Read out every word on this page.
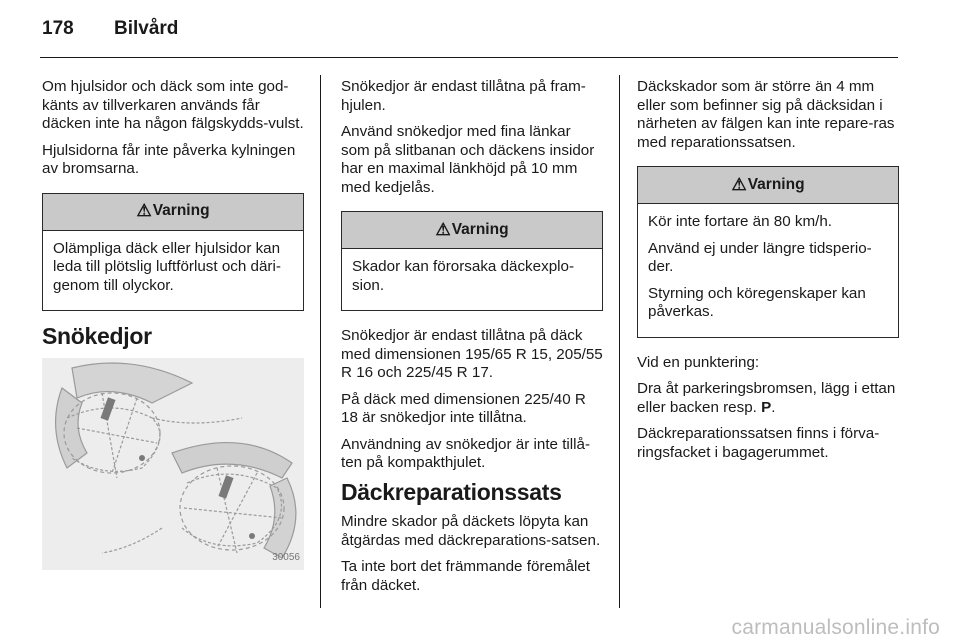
178 Bilvård

Om hjulsidor och däck som inte god-känts av tillverkaren används får däcken inte ha någon fälgskydds-vulst.

Hjulsidorna får inte påverka kylningen av bromsarna.

⚠ Varning

Olämpliga däck eller hjulsidor kan leda till plötslig luftförlust och däri-genom till olyckor.

Snökedjor
30056

Snökedjor är endast tillåtna på fram-hjulen.

Använd snökedjor med fina länkar som på slitbanan och däckens insidor har en maximal länkhöjd på 10 mm med kedjelås.

⚠ Varning

Skador kan förorsaka däckexplo-sion.

Snökedjor är endast tillåtna på däck med dimensionen 195/65 R 15, 205/55 R 16 och 225/45 R 17.

På däck med dimensionen 225/40 R 18 är snökedjor inte tillåtna.

Användning av snökedjor är inte tillå-ten på kompakthjulet.

Däckreparationssats

Mindre skador på däckets löpyta kan åtgärdas med däckreparations-satsen.

Ta inte bort det främmande föremålet från däcket.

Däckskador som är större än 4 mm eller som befinner sig på däcksidan i närheten av fälgen kan inte repare-ras med reparationssatsen.

⚠ Varning

Kör inte fortare än 80 km/h.

Använd ej under längre tidsperio-der.

Styrning och köregenskaper kan påverkas.

Vid en punktering:

Dra åt parkeringsbromsen, lägg i ettan eller backen resp. P.

Däckreparationssatsen finns i förva-ringsfacket i bagagerummet.

carmanualsonline.info
